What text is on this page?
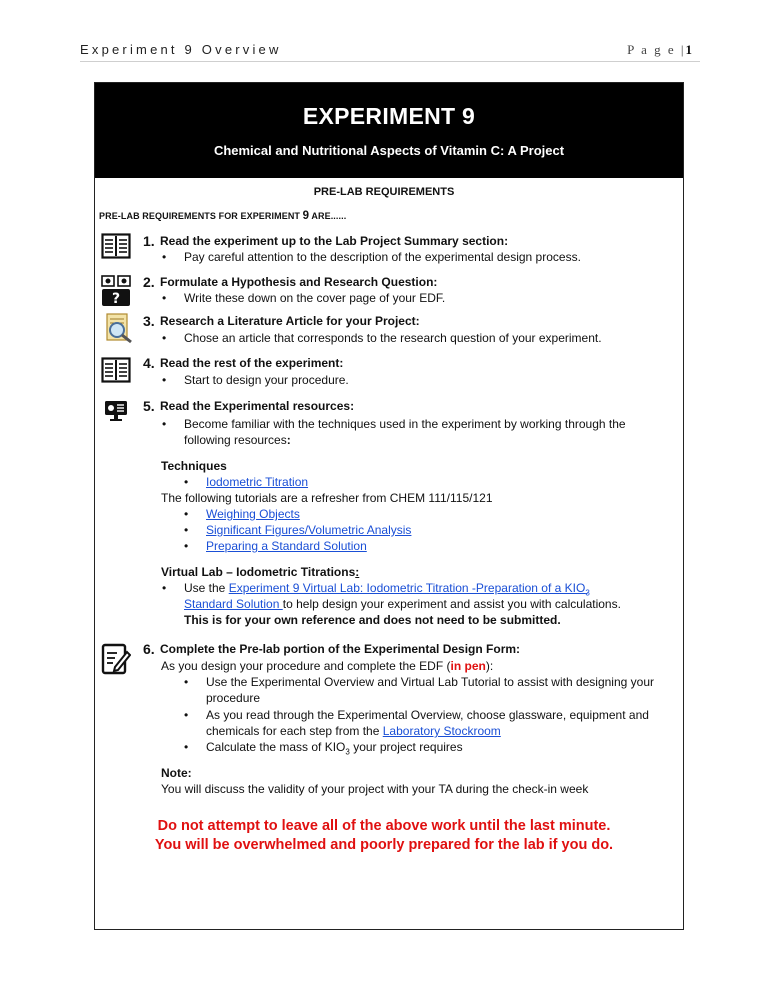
Experiment 9 Overview	P a g e |1
EXPERIMENT 9
Chemical and Nutritional Aspects of Vitamin C: A Project
PRE-LAB REQUIREMENTS
PRE-LAB REQUIREMENTS FOR EXPERIMENT 9 ARE......
1. Read the experiment up to the Lab Project Summary section:
• Pay careful attention to the description of the experimental design process.
?
2. Formulate a Hypothesis and Research Question:
• Write these down on the cover page of your EDF.
3. Research a Literature Article for your Project:
• Chose an article that corresponds to the research question of your experiment.
4. Read the rest of the experiment:
• Start to design your procedure.
5. Read the Experimental resources:
• Become familiar with the techniques used in the experiment by working through the
following resources:
Techniques
• Iodometric Titration
The following tutorials are a refresher from CHEM 111/115/121
• Weighing Objects
• Significant Figures/Volumetric Analysis
• Preparing a Standard Solution
Virtual Lab – Iodometric Titrations:
• Use the Experiment 9 Virtual Lab: Iodometric Titration -Preparation of a $KIO_3$
Standard Solution to help design your experiment and assist you with calculations.
This is for your own reference and does not need to be submitted.
6. Complete the Pre-lab portion of the Experimental Design Form:
As you design your procedure and complete the EDF (in pen):
• Use the Experimental Overview and Virtual Lab Tutorial to assist with designing your
procedure
• As you read through the Experimental Overview, choose glassware, equipment and
chemicals for each step from the Laboratory Stockroom
• Calculate the mass of $KIO_3$ your project requires
Note:
You will discuss the validity of your project with your TA during the check-in week
Do not attempt to leave all of the above work until the last minute.
You will be overwhelmed and poorly prepared for the lab if you do.
